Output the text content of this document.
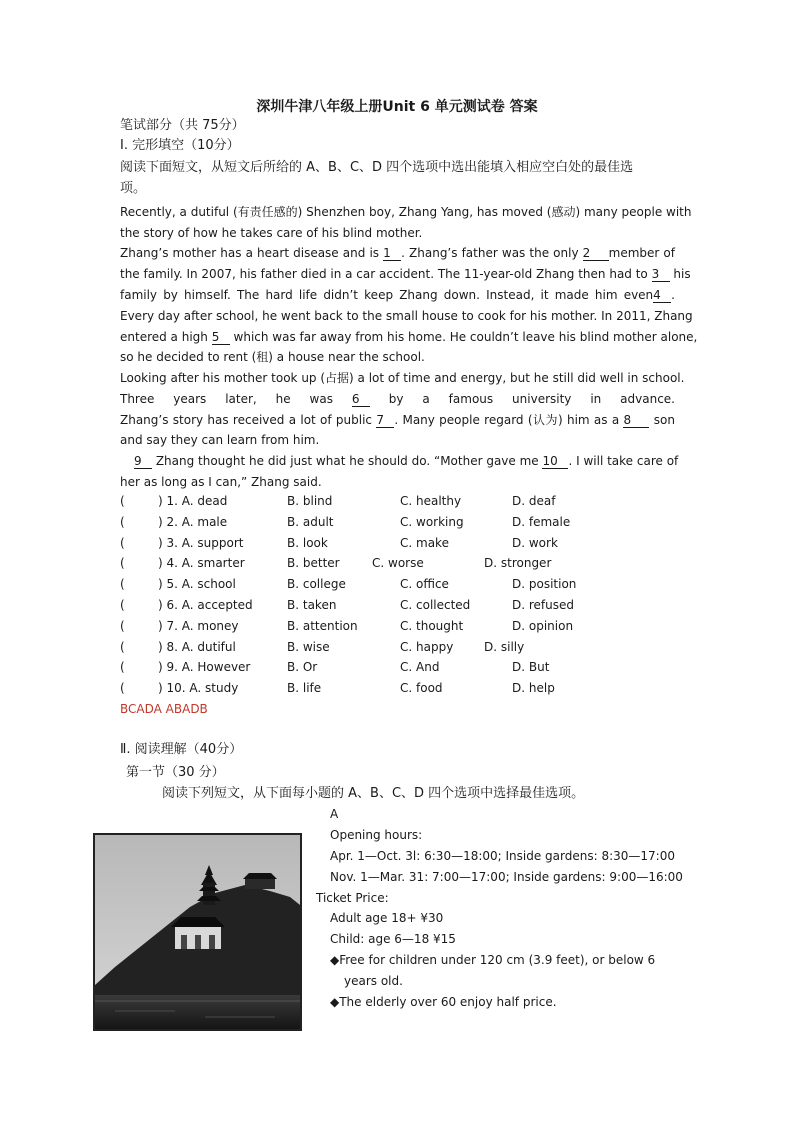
深圳牛津八年级上册Unit 6 单元测试卷 答案
笔试部分（共 75分）
Ⅰ. 完形填空（10分）
阅读下面短文，从短文后所给的 A、B、C、D 四个选项中选出能填入相应空白处的最佳选
项。
Recently, a dutiful (有责任感的) Shenzhen boy, Zhang Yang, has moved (感动) many people with
the story of how he takes care of his blind mother.
Zhang’s mother has a heart disease and is 1 . Zhang’s father was the only 2 member of
the family. In 2007, his father died in a car accident. The 11-year-old Zhang then had to 3 his
family by himself. The hard life didn’t keep Zhang down. Instead, it made him even4 .
Every day after school, he went back to the small house to cook for his mother. In 2011, Zhang
entered a high 5 which was far away from his home. He couldn’t leave his blind mother alone,
so he decided to rent (租) a house near the school.
Looking after his mother took up (占据) a lot of time and energy, but he still did well in school.
Three years later, he was 6 by a famous university in advance.
Zhang’s story has received a lot of public 7 . Many people regard (认为) him as a 8 son
and say they can learn from him.
9 Zhang thought he did just what he should do. “Mother gave me 10 . I will take care of
her as long as I can,” Zhang said.
(	) 1. A. dead	B. blind	C. healthy	D. deaf
(	) 2. A. male	B. adult	C. working	D. female
(	) 3. A. support	B. look	C. make	D. work
(	) 4. A. smarter	B. better	C. worse	D. stronger
(	) 5. A. school	B. college	C. office	D. position
(	) 6. A. accepted	B. taken	C. collected	D. refused
(	) 7. A. money	B. attention	C. thought	D. opinion
(	) 8. A. dutiful	B. wise	C. happy	D. silly
(	) 9. A. However	B. Or	C. And	D. But
(	) 10. A. study	B. life	C. food	D. help
BCADA ABADB
Ⅱ. 阅读理解（40分）
第一节（30 分）
阅读下列短文，从下面每小题的 A、B、C、D 四个选项中选择最佳选项。
A
Opening hours:
Apr. 1—Oct. 3l: 6:30—18:00; Inside gardens: 8:30—17:00
Nov. 1—Mar. 31: 7:00—17:00; Inside gardens: 9:00—16:00
Ticket Price:
Adult age 18+ ¥30
Child: age 6—18 ¥15
◆Free for children under 120 cm (3.9 feet), or below 6
years old.
◆The elderly over 60 enjoy half price.
